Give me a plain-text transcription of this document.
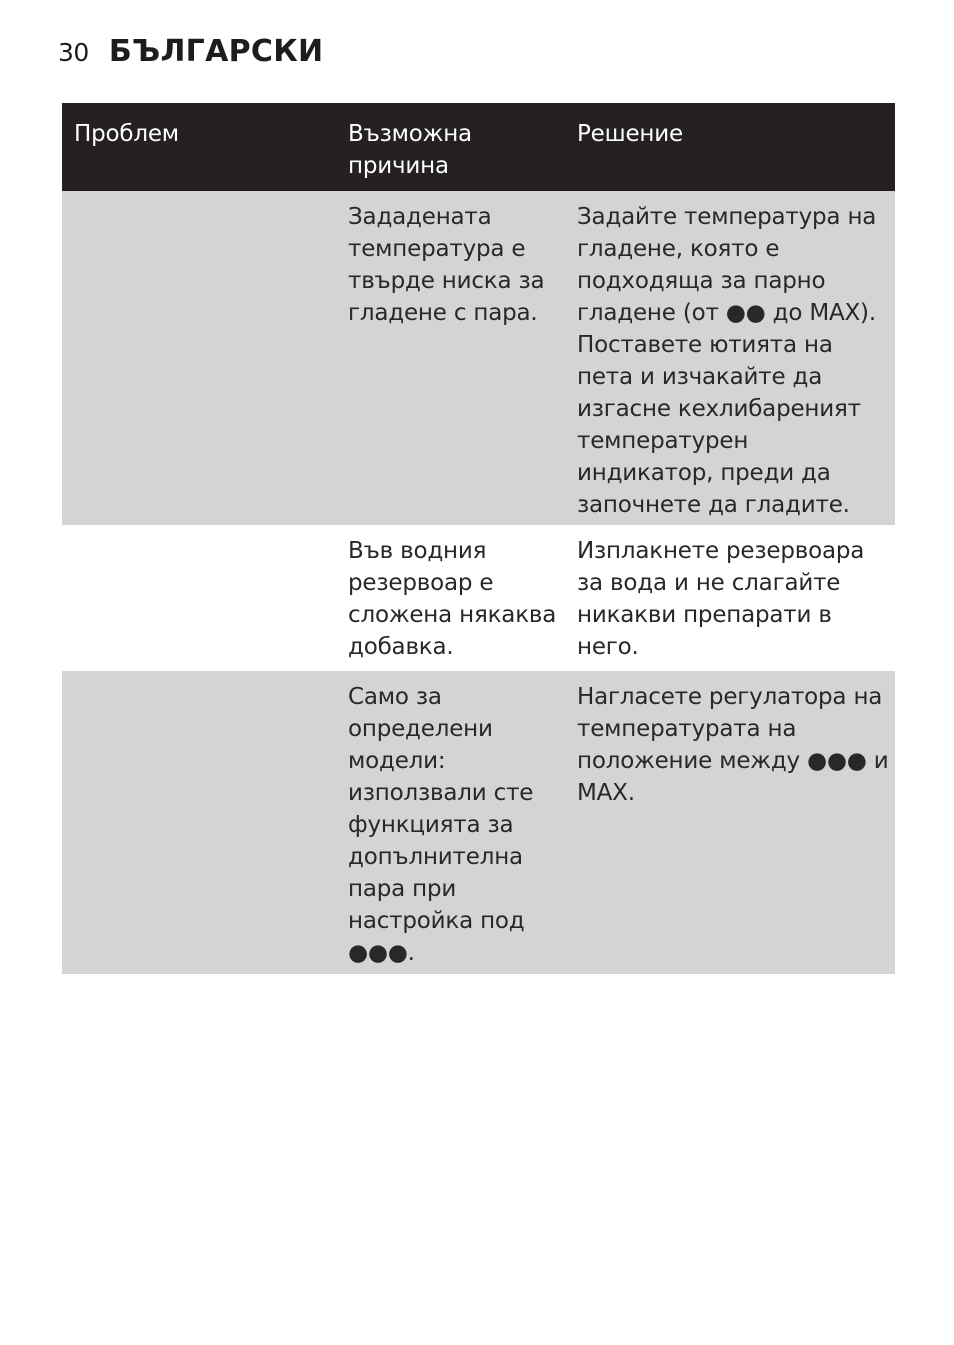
30 БЪЛГАРСКИ
Проблем	Възможна причина
Решение
Зададената температура е твърде ниска за гладене с пара.
Задайте температура на гладене, която е подходяща за парно гладене (от ●● до MAX). Поставете ютията на пета и изчакайте да изгасне кехлибареният температурен индикатор, преди да започнете да гладите.
Във водния резервоар е сложена някаква добавка.
Изплакнете резервоара за вода и не слагайте никакви препарати в него.
Само за определени модели: използвали сте функцията за допълнителна пара при настройка под ●●●.
Нагласете регулатора на температурата на положение между ●●● и MAX.
